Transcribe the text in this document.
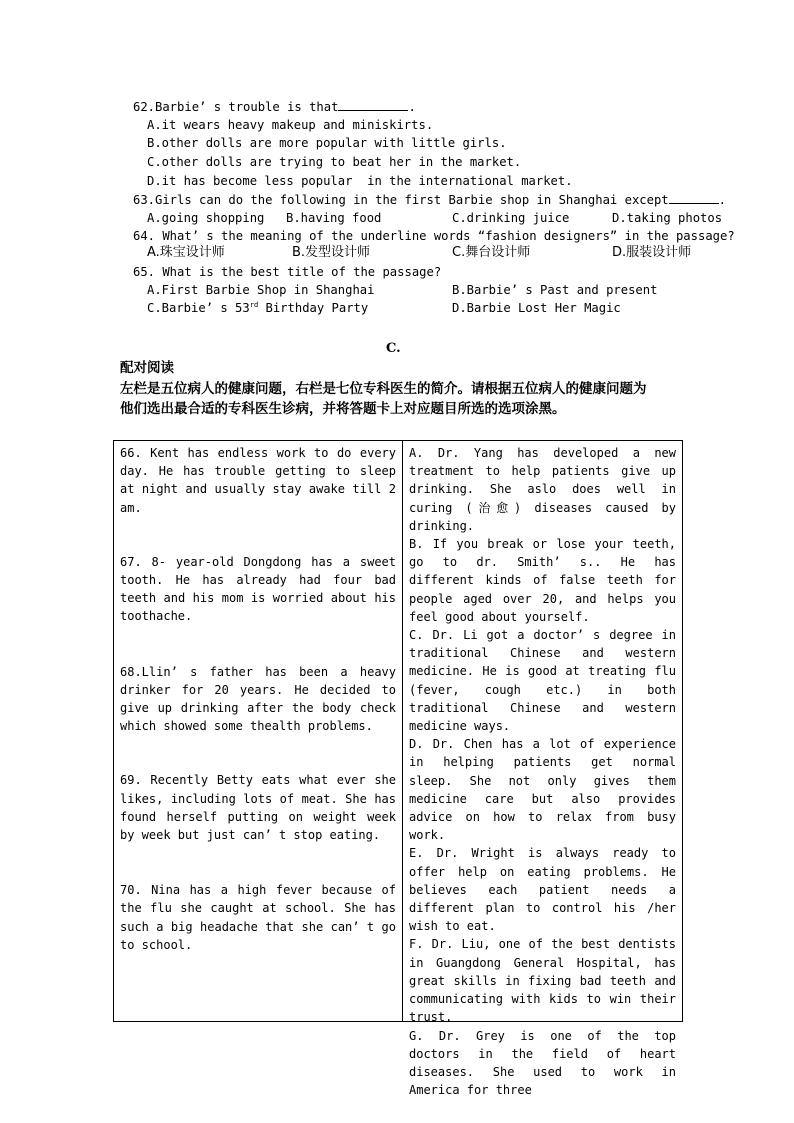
62.Barbie’ s trouble is that	.
A.it wears heavy makeup and miniskirts.
B.other dolls are more popular with little girls.
C.other dolls are trying to beat her in the market.
D.it has become less popular  in the international market.
63.Girls can do the following in the first Barbie shop in Shanghai except	.
A.going shopping B.having food	C.drinking juice	D.taking photos
64. What’ s the meaning of the underline words “fashion designers” in the passage?
A.珠宝设计师	B.发型设计师	C.舞台设计师	D.服装设计师
65. What is the best title of the passage?
A.First Barbie Shop in Shanghai	B.Barbie’ s Past and present
C.Barbie’ s 53rd Birthday Party	D.Barbie Lost Her Magic
C.
配对阅读
左栏是五位病人的健康问题，右栏是七位专科医生的简介。请根据五位病人的健康问题为
他们选出最合适的专科医生诊病，并将答题卡上对应题目所选的选项涂黑。

66. Kent has endless work to do every day. He has trouble getting to sleep at night and usually stay awake till 2 am.

67. 8- year-old Dongdong has a sweet tooth. He has already had four bad teeth and his mom is worried about his toothache.

68.Llin’ s father has been a heavy drinker for 20 years. He decided to give up drinking after the body check which showed some thealth problems.

69. Recently Betty eats what ever she likes, including lots of meat. She has found herself putting on weight week by week but just can’ t stop eating.

70. Nina has a high fever because of the flu she caught at school. She has such a big headache that she can’ t go to school.

A. Dr. Yang has developed a new treatment to help patients give up drinking. She aslo does well in curing (治愈) diseases caused by drinking.

B. If you break or lose your teeth, go to dr. Smith’ s.. He has different kinds of false teeth for people aged over 20, and helps you feel good about yourself.

C. Dr. Li got a doctor’ s degree in traditional Chinese and western medicine. He is good at treating flu (fever, cough etc.) in both traditional Chinese and western medicine ways.

D. Dr. Chen has a lot of experience in helping patients get normal sleep. She not only gives them medicine care but also provides advice on how to relax from busy work.

E. Dr. Wright is always ready to offer help on eating problems. He believes each patient needs a different plan to control his /her wish to eat.

F. Dr. Liu, one of the best dentists in Guangdong General Hospital, has great skills in fixing bad teeth and communicating with kids to win their trust.

G. Dr. Grey is one of the top doctors in the field of heart diseases. She used to work in America for three
